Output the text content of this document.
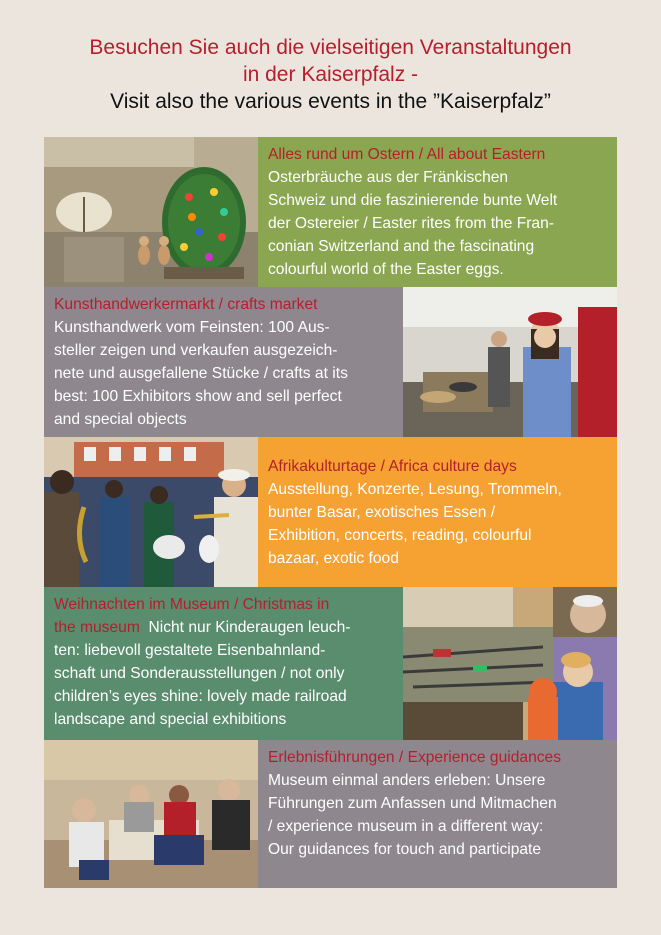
Besuchen Sie auch die vielseitigen Veranstaltungen
in der Kaiserpfalz -
Visit also the various events in the ”Kaiserpfalz”
Alles rund um Ostern / All about Eastern
Osterbräuche aus der Fränkischen
Schweiz und die faszinierende bunte Welt
der Ostereier / Easter rites from the Fran-
conian Switzerland and the fascinating
colourful world of the Easter eggs.
Kunsthandwerkermarkt / crafts market
Kunsthandwerk vom Feinsten: 100 Aus-
steller zeigen und verkaufen ausgezeich-
nete und ausgefallene Stücke / crafts at its
best: 100 Exhibitors show and sell perfect
and special objects
Afrikakulturtage / Africa culture days
Ausstellung, Konzerte, Lesung, Trommeln,
bunter Basar, exotisches Essen /
Exhibition, concerts, reading, colourful
bazaar, exotic food
Weihnachten im Museum / Christmas in
the museum Nicht nur Kinderaugen leuch-
ten: liebevoll gestaltete Eisenbahnland-
schaft und Sonderausstellungen / not only
children’s eyes shine: lovely made railroad
landscape and special exhibitions
Erlebnisführungen / Experience guidances
Museum einmal anders erleben: Unsere
Führungen zum Anfassen und Mitmachen
/ experience museum in a different way:
Our guidances for touch and participate
